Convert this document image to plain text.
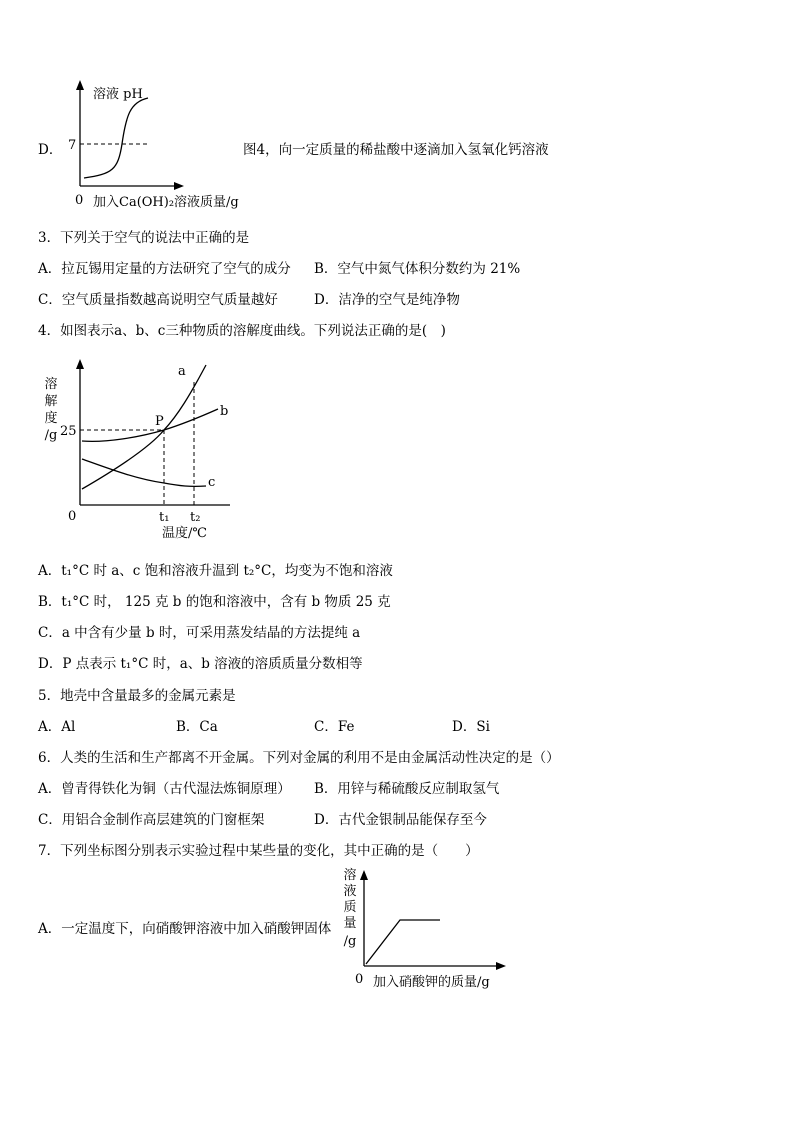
D．
溶液 pH
7
0 加入Ca(OH)₂溶液质量/g
图4，向一定质量的稀盐酸中逐滴加入氢氧化钙溶液
3．下列关于空气的说法中正确的是
A．拉瓦锡用定量的方法研究了空气的成分 B．空气中氮气体积分数约为 21%
C．空气质量指数越高说明空气质量越好	D．洁净的空气是纯净物
4．如图表示a、b、c三种物质的溶解度曲线。下列说法正确的是(　)
25
0
P
a
b
c
t₁ t₂
温度/℃
溶
解
度
/g
A．t₁°C 时 a、c 饱和溶液升温到 t₂°C，均变为不饱和溶液
B．t₁°C 时， 125 克 b 的饱和溶液中，含有 b 物质 25 克
C．a 中含有少量 b 时，可采用蒸发结晶的方法提纯 a
D．P 点表示 t₁°C 时，a、b 溶液的溶质质量分数相等
5．地壳中含量最多的金属元素是
A．Al	B．Ca	C．Fe	D．Si
6．人类的生活和生产都离不开金属。下列对金属的利用不是由金属活动性决定的是（）
A．曾青得铁化为铜（古代湿法炼铜原理） B．用锌与稀硫酸反应制取氢气
C．用铝合金制作高层建筑的门窗框架	D．古代金银制品能保存至今
7．下列坐标图分别表示实验过程中某些量的变化，其中正确的是（　　）
A．一定温度下，向硝酸钾溶液中加入硝酸钾固体
0 加入硝酸钾的质量/g
溶
液
质
量
/g
